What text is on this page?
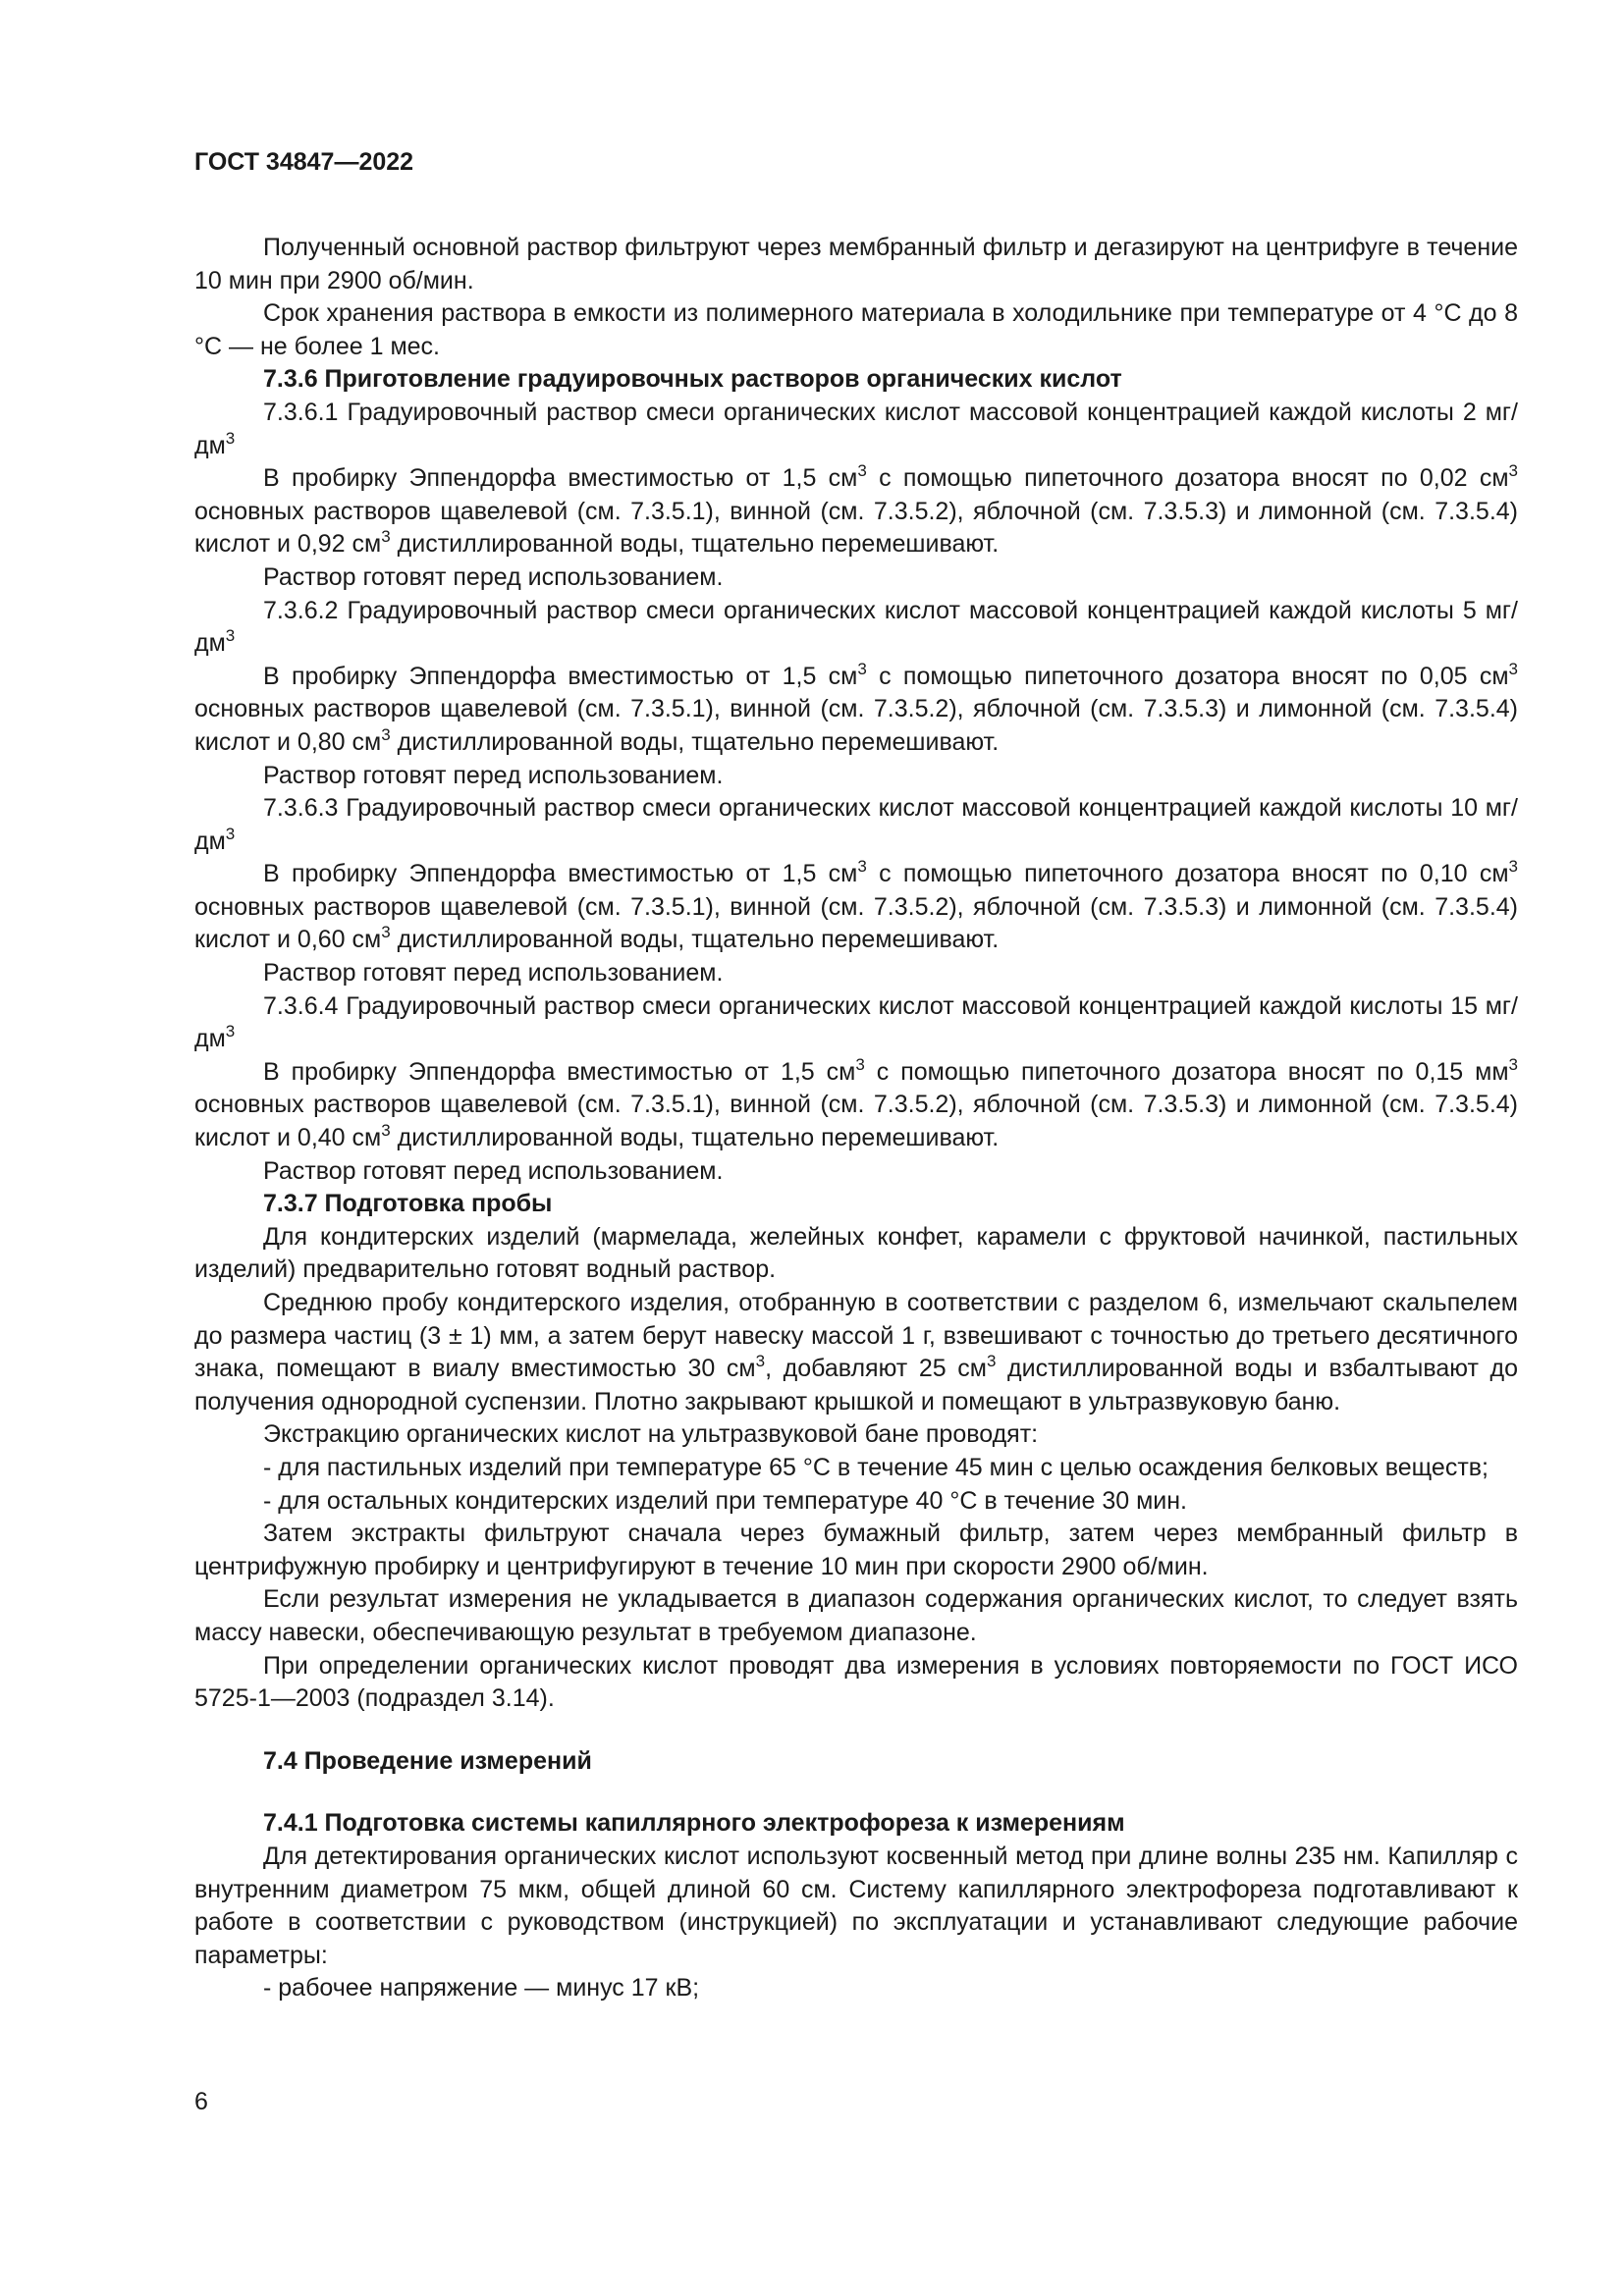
ГОСТ 34847—2022

Полученный основной раствор фильтруют через мембранный фильтр и дегазируют на центрифуге в течение 10 мин при 2900 об/мин.

Срок хранения раствора в емкости из полимерного материала в холодильнике при температуре от 4 °С до 8 °С — не более 1 мес.

7.3.6 Приготовление градуировочных растворов органических кислот

7.3.6.1 Градуировочный раствор смеси органических кислот массовой концентрацией каждой кислоты 2 $мг/дм^3$

В пробирку Эппендорфа вместимостью от 1,5 $см^3$ с помощью пипеточного дозатора вносят по 0,02 $см^3$ основных растворов щавелевой (см. 7.3.5.1), винной (см. 7.3.5.2), яблочной (см. 7.3.5.3) и лимонной (см. 7.3.5.4) кислот и 0,92 $см^3$ дистиллированной воды, тщательно перемешивают.

Раствор готовят перед использованием.

7.3.6.2 Градуировочный раствор смеси органических кислот массовой концентрацией каждой кислоты 5 $мг/дм^3$

В пробирку Эппендорфа вместимостью от 1,5 $см^3$ с помощью пипеточного дозатора вносят по 0,05 $см^3$ основных растворов щавелевой (см. 7.3.5.1), винной (см. 7.3.5.2), яблочной (см. 7.3.5.3) и лимонной (см. 7.3.5.4) кислот и 0,80 $см^3$ дистиллированной воды, тщательно перемешивают.

Раствор готовят перед использованием.

7.3.6.3 Градуировочный раствор смеси органических кислот массовой концентрацией каждой кислоты 10 $мг/дм^3$

В пробирку Эппендорфа вместимостью от 1,5 $см^3$ с помощью пипеточного дозатора вносят по 0,10 $см^3$ основных растворов щавелевой (см. 7.3.5.1), винной (см. 7.3.5.2), яблочной (см. 7.3.5.3) и лимонной (см. 7.3.5.4) кислот и 0,60 $см^3$ дистиллированной воды, тщательно перемешивают.

Раствор готовят перед использованием.

7.3.6.4 Градуировочный раствор смеси органических кислот массовой концентрацией каждой кислоты 15 $мг/дм^3$

В пробирку Эппендорфа вместимостью от 1,5 $см^3$ с помощью пипеточного дозатора вносят по 0,15 $мм^3$ основных растворов щавелевой (см. 7.3.5.1), винной (см. 7.3.5.2), яблочной (см. 7.3.5.3) и лимонной (см. 7.3.5.4) кислот и 0,40 $см^3$ дистиллированной воды, тщательно перемешивают.

Раствор готовят перед использованием.

7.3.7 Подготовка пробы

Для кондитерских изделий (мармелада, желейных конфет, карамели с фруктовой начинкой, пастильных изделий) предварительно готовят водный раствор.

Среднюю пробу кондитерского изделия, отобранную в соответствии с разделом 6, измельчают скальпелем до размера частиц (3 ± 1) мм, а затем берут навеску массой 1 г, взвешивают с точностью до третьего десятичного знака, помещают в виалу вместимостью 30 $см^3$, добавляют 25 $см^3$ дистиллированной воды и взбалтывают до получения однородной суспензии. Плотно закрывают крышкой и помещают в ультразвуковую баню.

Экстракцию органических кислот на ультразвуковой бане проводят:

- для пастильных изделий при температуре 65 °С в течение 45 мин с целью осаждения белковых веществ;
- для остальных кондитерских изделий при температуре 40 °С в течение 30 мин.

Затем экстракты фильтруют сначала через бумажный фильтр, затем через мембранный фильтр в центрифужную пробирку и центрифугируют в течение 10 мин при скорости 2900 об/мин.

Если результат измерения не укладывается в диапазон содержания органических кислот, то следует взять массу навески, обеспечивающую результат в требуемом диапазоне.

При определении органических кислот проводят два измерения в условиях повторяемости по ГОСТ ИСО 5725-1—2003 (подраздел 3.14).

7.4 Проведение измерений

7.4.1 Подготовка системы капиллярного электрофореза к измерениям

Для детектирования органических кислот используют косвенный метод при длине волны 235 нм. Капилляр с внутренним диаметром 75 мкм, общей длиной 60 см. Систему капиллярного электрофореза подготавливают к работе в соответствии с руководством (инструкцией) по эксплуатации и устанавливают следующие рабочие параметры:

- рабочее напряжение — минус 17 кВ;
6
